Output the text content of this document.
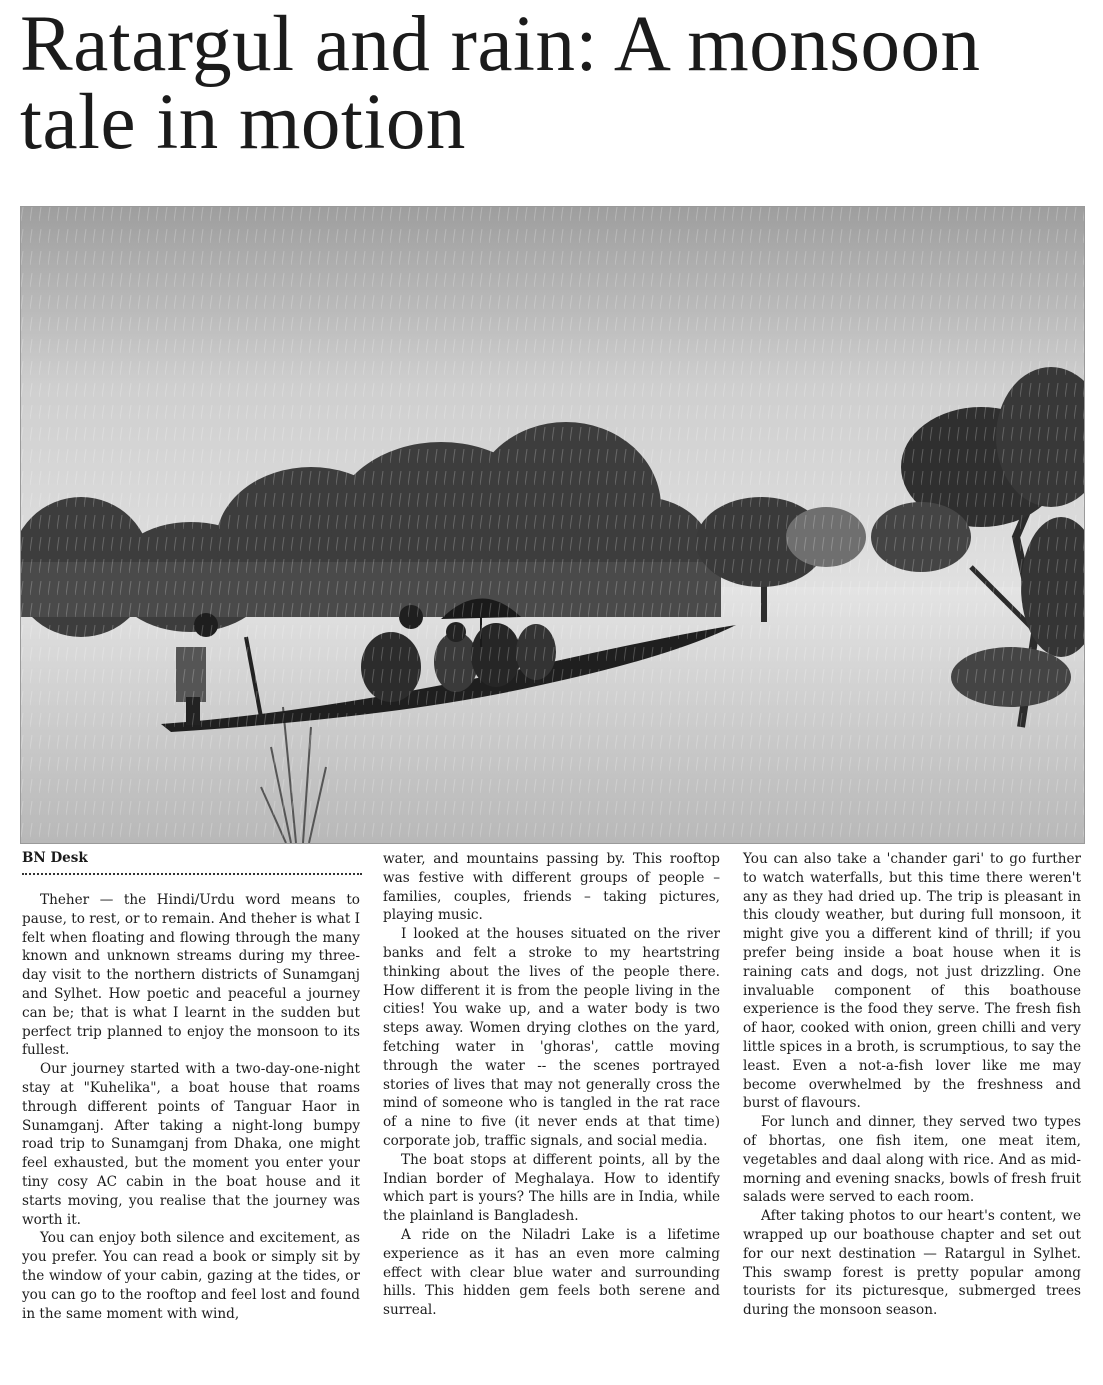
Ratargul and rain: A monsoon tale in motion
BN Desk

Theher — the Hindi/Urdu word means to pause, to rest, or to remain. And theher is what I felt when floating and flowing through the many known and unknown streams during my three-day visit to the northern districts of Sunamganj and Sylhet. How poetic and peaceful a journey can be; that is what I learnt in the sudden but perfect trip planned to enjoy the monsoon to its fullest.

Our journey started with a two-day-one-night stay at "Kuhelika", a boat house that roams through different points of Tanguar Haor in Sunamganj. After taking a night-long bumpy road trip to Sunamganj from Dhaka, one might feel exhausted, but the moment you enter your tiny cosy AC cabin in the boat house and it starts moving, you realise that the journey was worth it.

You can enjoy both silence and excitement, as you prefer. You can read a book or simply sit by the window of your cabin, gazing at the tides, or you can go to the rooftop and feel lost and found in the same moment with wind,

water, and mountains passing by. This rooftop was festive with different groups of people – families, couples, friends – taking pictures, playing music.

I looked at the houses situated on the river banks and felt a stroke to my heartstring thinking about the lives of the people there. How different it is from the people living in the cities! You wake up, and a water body is two steps away. Women drying clothes on the yard, fetching water in 'ghoras', cattle moving through the water -- the scenes portrayed stories of lives that may not generally cross the mind of someone who is tangled in the rat race of a nine to five (it never ends at that time) corporate job, traffic signals, and social media.

The boat stops at different points, all by the Indian border of Meghalaya. How to identify which part is yours? The hills are in India, while the plainland is Bangladesh.

A ride on the Niladri Lake is a lifetime experience as it has an even more calming effect with clear blue water and surrounding hills. This hidden gem feels both serene and surreal.

You can also take a 'chander gari' to go further to watch waterfalls, but this time there weren't any as they had dried up. The trip is pleasant in this cloudy weather, but during full monsoon, it might give you a different kind of thrill; if you prefer being inside a boat house when it is raining cats and dogs, not just drizzling. One invaluable component of this boathouse experience is the food they serve. The fresh fish of haor, cooked with onion, green chilli and very little spices in a broth, is scrumptious, to say the least. Even a not-a-fish lover like me may become overwhelmed by the freshness and burst of flavours.

For lunch and dinner, they served two types of bhortas, one fish item, one meat item, vegetables and daal along with rice. And as mid-morning and evening snacks, bowls of fresh fruit salads were served to each room.

After taking photos to our heart's content, we wrapped up our boathouse chapter and set out for our next destination — Ratargul in Sylhet. This swamp forest is pretty popular among tourists for its picturesque, submerged trees during the monsoon season.
